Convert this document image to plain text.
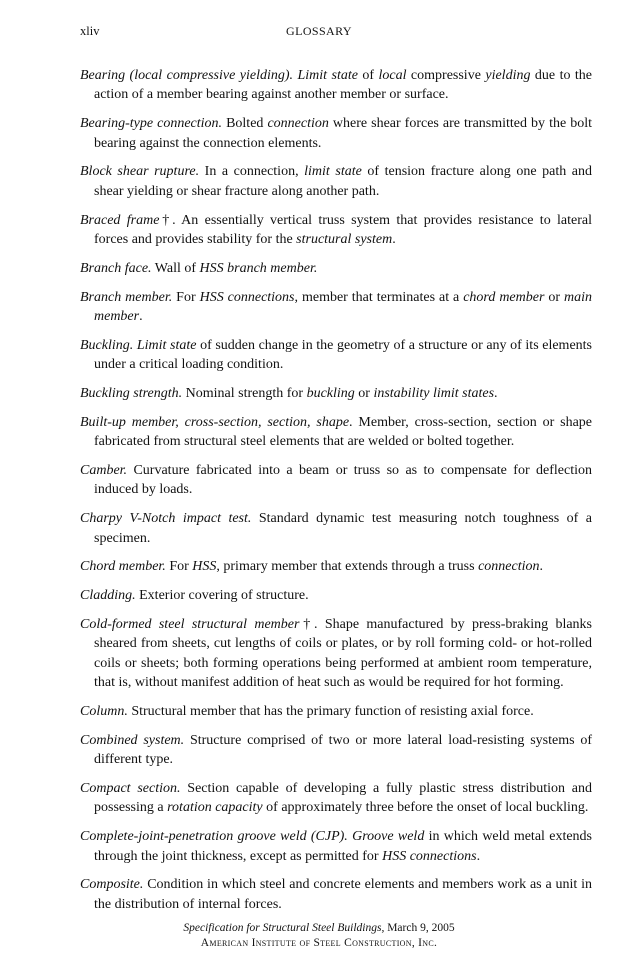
xliv	GLOSSARY

Bearing (local compressive yielding). Limit state of local compressive yielding due to the action of a member bearing against another member or surface.

Bearing-type connection. Bolted connection where shear forces are transmitted by the bolt bearing against the connection elements.

Block shear rupture. In a connection, limit state of tension fracture along one path and shear yielding or shear fracture along another path.

Braced frame†. An essentially vertical truss system that provides resistance to lateral forces and provides stability for the structural system.

Branch face. Wall of HSS branch member.

Branch member. For HSS connections, member that terminates at a chord member or main member.

Buckling. Limit state of sudden change in the geometry of a structure or any of its elements under a critical loading condition.

Buckling strength. Nominal strength for buckling or instability limit states.

Built-up member, cross-section, section, shape. Member, cross-section, section or shape fabricated from structural steel elements that are welded or bolted together.

Camber. Curvature fabricated into a beam or truss so as to compensate for deflection induced by loads.

Charpy V-Notch impact test. Standard dynamic test measuring notch toughness of a specimen.

Chord member. For HSS, primary member that extends through a truss connection.

Cladding. Exterior covering of structure.

Cold-formed steel structural member†. Shape manufactured by press-braking blanks sheared from sheets, cut lengths of coils or plates, or by roll forming cold- or hot-rolled coils or sheets; both forming operations being performed at ambient room temperature, that is, without manifest addition of heat such as would be required for hot forming.

Column. Structural member that has the primary function of resisting axial force.

Combined system. Structure comprised of two or more lateral load-resisting systems of different type.

Compact section. Section capable of developing a fully plastic stress distribution and possessing a rotation capacity of approximately three before the onset of local buckling.

Complete-joint-penetration groove weld (CJP). Groove weld in which weld metal extends through the joint thickness, except as permitted for HSS connections.

Composite. Condition in which steel and concrete elements and members work as a unit in the distribution of internal forces.

Specification for Structural Steel Buildings, March 9, 2005
American Institute of Steel Construction, Inc.
